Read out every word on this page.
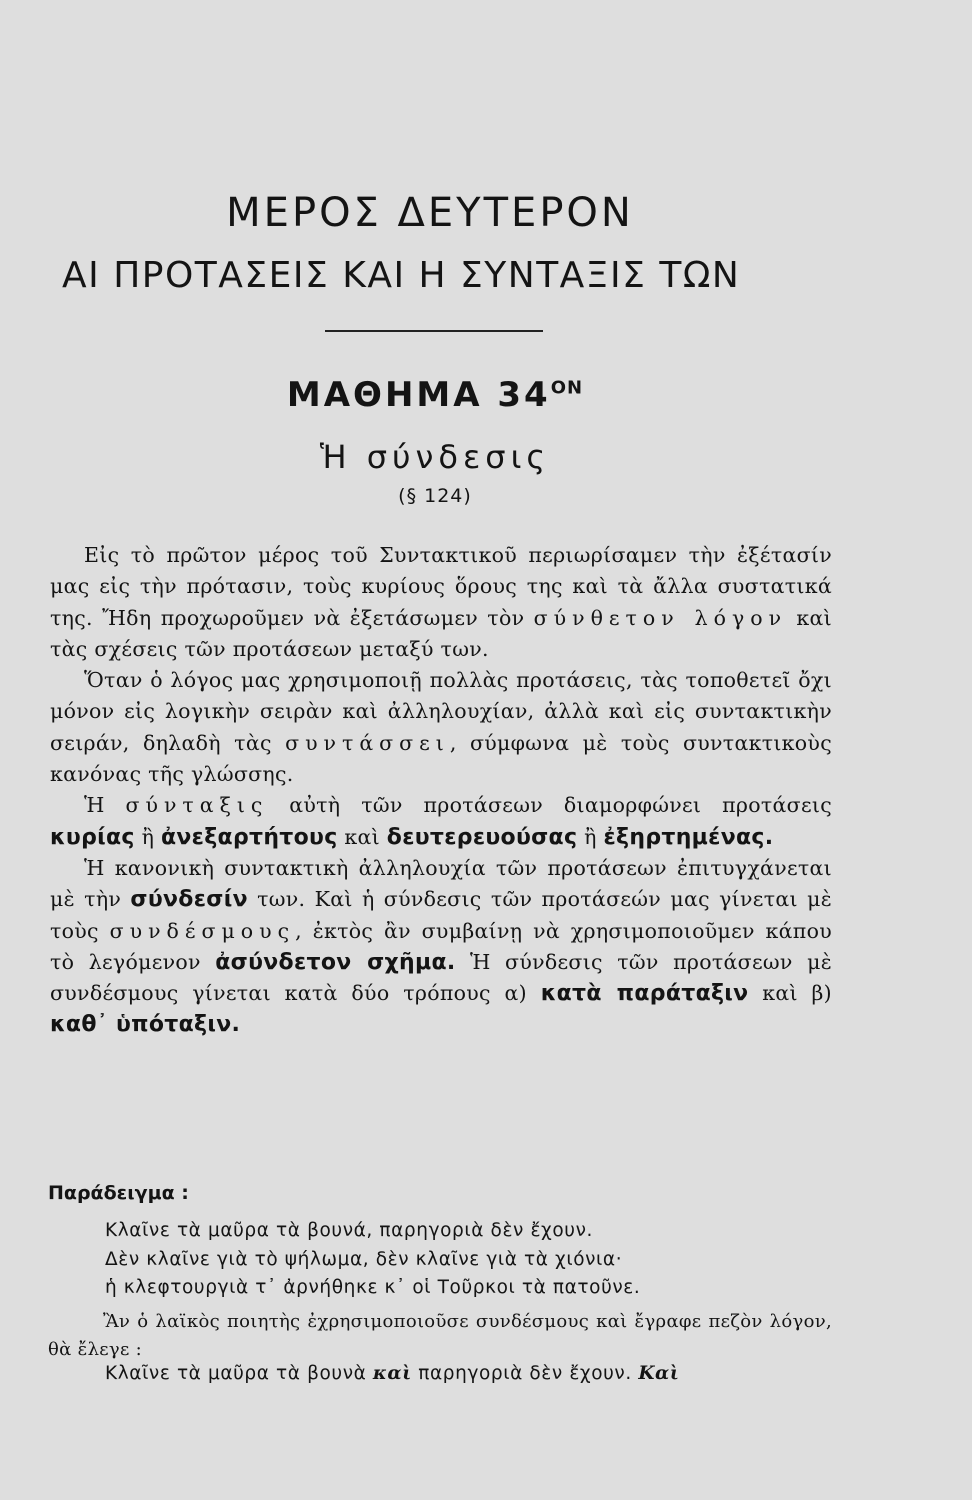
ΜΕΡΟΣ ΔΕΥΤΕΡΟΝ
ΑΙ ΠΡΟΤΑΣΕΙΣ ΚΑΙ Η ΣΥΝΤΑΞΙΣ ΤΩΝ
ΜΑΘΗΜΑ $34^{ON}$
Ἡ σύνδεσις
(§ 124)

Εἰς τὸ πρῶτον μέρος τοῦ Συντακτικοῦ περιωρίσαμεν τὴν ἐξέτασίν μας εἰς τὴν πρότασιν, τοὺς κυρίους ὅρους της καὶ τὰ ἄλλα συστατικά της. Ἤδη προχωροῦμεν νὰ ἐξετάσωμεν τὸν σύνθετον λόγον καὶ τὰς σχέσεις τῶν προτάσεων μεταξύ των.

Ὅταν ὁ λόγος μας χρησιμοποιῇ πολλὰς προτάσεις, τὰς τοποθετεῖ ὄχι μόνον εἰς λογικὴν σειρὰν καὶ ἀλληλουχίαν, ἀλλὰ καὶ εἰς συντακτικὴν σειράν, δηλαδὴ τὰς συντάσσει, σύμφωνα μὲ τοὺς συντακτικοὺς κανόνας τῆς γλώσσης.

Ἡ σύνταξις αὐτὴ τῶν προτάσεων διαμορφώνει προτάσεις κυρίας ἢ ἀνεξαρτήτους καὶ δευτερευούσας ἢ ἐξηρτημένας.

Ἡ κανονικὴ συντακτικὴ ἀλληλουχία τῶν προτάσεων ἐπιτυγχάνεται μὲ τὴν σύνδεσίν των. Καὶ ἡ σύνδεσις τῶν προτάσεών μας γίνεται μὲ τοὺς συνδέσμους, ἐκτὸς ἂν συμβαίνῃ νὰ χρησιμοποιοῦμεν κάπου τὸ λεγόμενον ἀσύνδετον σχῆμα. Ἡ σύνδεσις τῶν προτάσεων μὲ συνδέσμους γίνεται κατὰ δύο τρόπους α) κατὰ παράταξιν καὶ β) καθ᾿ ὑπόταξιν.

Παράδειγμα :
Κλαῖνε τὰ μαῦρα τὰ βουνά, παρηγοριὰ δὲν ἔχουν.
Δὲν κλαῖνε γιὰ τὸ ψήλωμα, δὲν κλαῖνε γιὰ τὰ χιόνια·
ἡ κλεφτουργιὰ τ᾿ ἀρνήθηκε κ᾿ οἱ Τοῦρκοι τὰ πατοῦνε.

Ἂν ὁ λαϊκὸς ποιητὴς ἐχρησιμοποιοῦσε συνδέσμους καὶ ἔγραφε πεζὸν λόγον, θὰ ἔλεγε :

Κλαῖνε τὰ μαῦρα τὰ βουνὰ καὶ παρηγοριὰ δὲν ἔχουν. Καὶ
